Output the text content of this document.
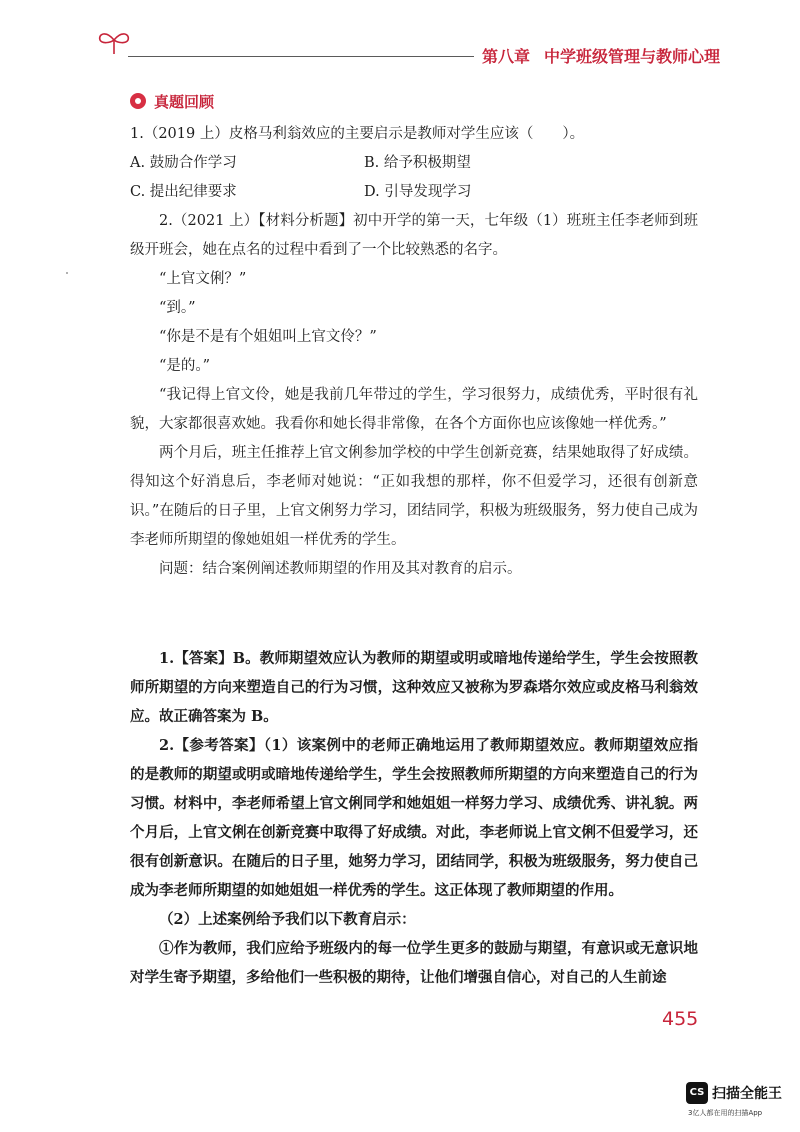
第八章 中学班级管理与教师心理
真题回顾

1.（2019 上）皮格马利翁效应的主要启示是教师对学生应该（　　）。

A. 鼓励合作学习	B. 给予积极期望
C. 提出纪律要求	D. 引导发现学习

2.（2021 上）【材料分析题】初中开学的第一天，七年级（1）班班主任李老师到班级开班会，她在点名的过程中看到了一个比较熟悉的名字。

“上官文俐？”

“到。”

“你是不是有个姐姐叫上官文伶？”

“是的。”

“我记得上官文伶，她是我前几年带过的学生，学习很努力，成绩优秀，平时很有礼貌，大家都很喜欢她。我看你和她长得非常像，在各个方面你也应该像她一样优秀。”

两个月后，班主任推荐上官文俐参加学校的中学生创新竞赛，结果她取得了好成绩。得知这个好消息后，李老师对她说：“正如我想的那样，你不但爱学习，还很有创新意识。”在随后的日子里，上官文俐努力学习，团结同学，积极为班级服务，努力使自己成为李老师所期望的像她姐姐一样优秀的学生。

问题：结合案例阐述教师期望的作用及其对教育的启示。

1.【答案】B。教师期望效应认为教师的期望或明或暗地传递给学生，学生会按照教师所期望的方向来塑造自己的行为习惯，这种效应又被称为罗森塔尔效应或皮格马利翁效应。故正确答案为 B。

2.【参考答案】（1）该案例中的老师正确地运用了教师期望效应。教师期望效应指的是教师的期望或明或暗地传递给学生，学生会按照教师所期望的方向来塑造自己的行为习惯。材料中，李老师希望上官文俐同学和她姐姐一样努力学习、成绩优秀、讲礼貌。两个月后，上官文俐在创新竞赛中取得了好成绩。对此，李老师说上官文俐不但爱学习，还很有创新意识。在随后的日子里，她努力学习，团结同学，积极为班级服务，努力使自己成为李老师所期望的如她姐姐一样优秀的学生。这正体现了教师期望的作用。

（2）上述案例给予我们以下教育启示：

①作为教师，我们应给予班级内的每一位学生更多的鼓励与期望，有意识或无意识地对学生寄予期望，多给他们一些积极的期待，让他们增强自信心，对自己的人生前途

455
CS 扫描全能王
3亿人都在用的扫描App
